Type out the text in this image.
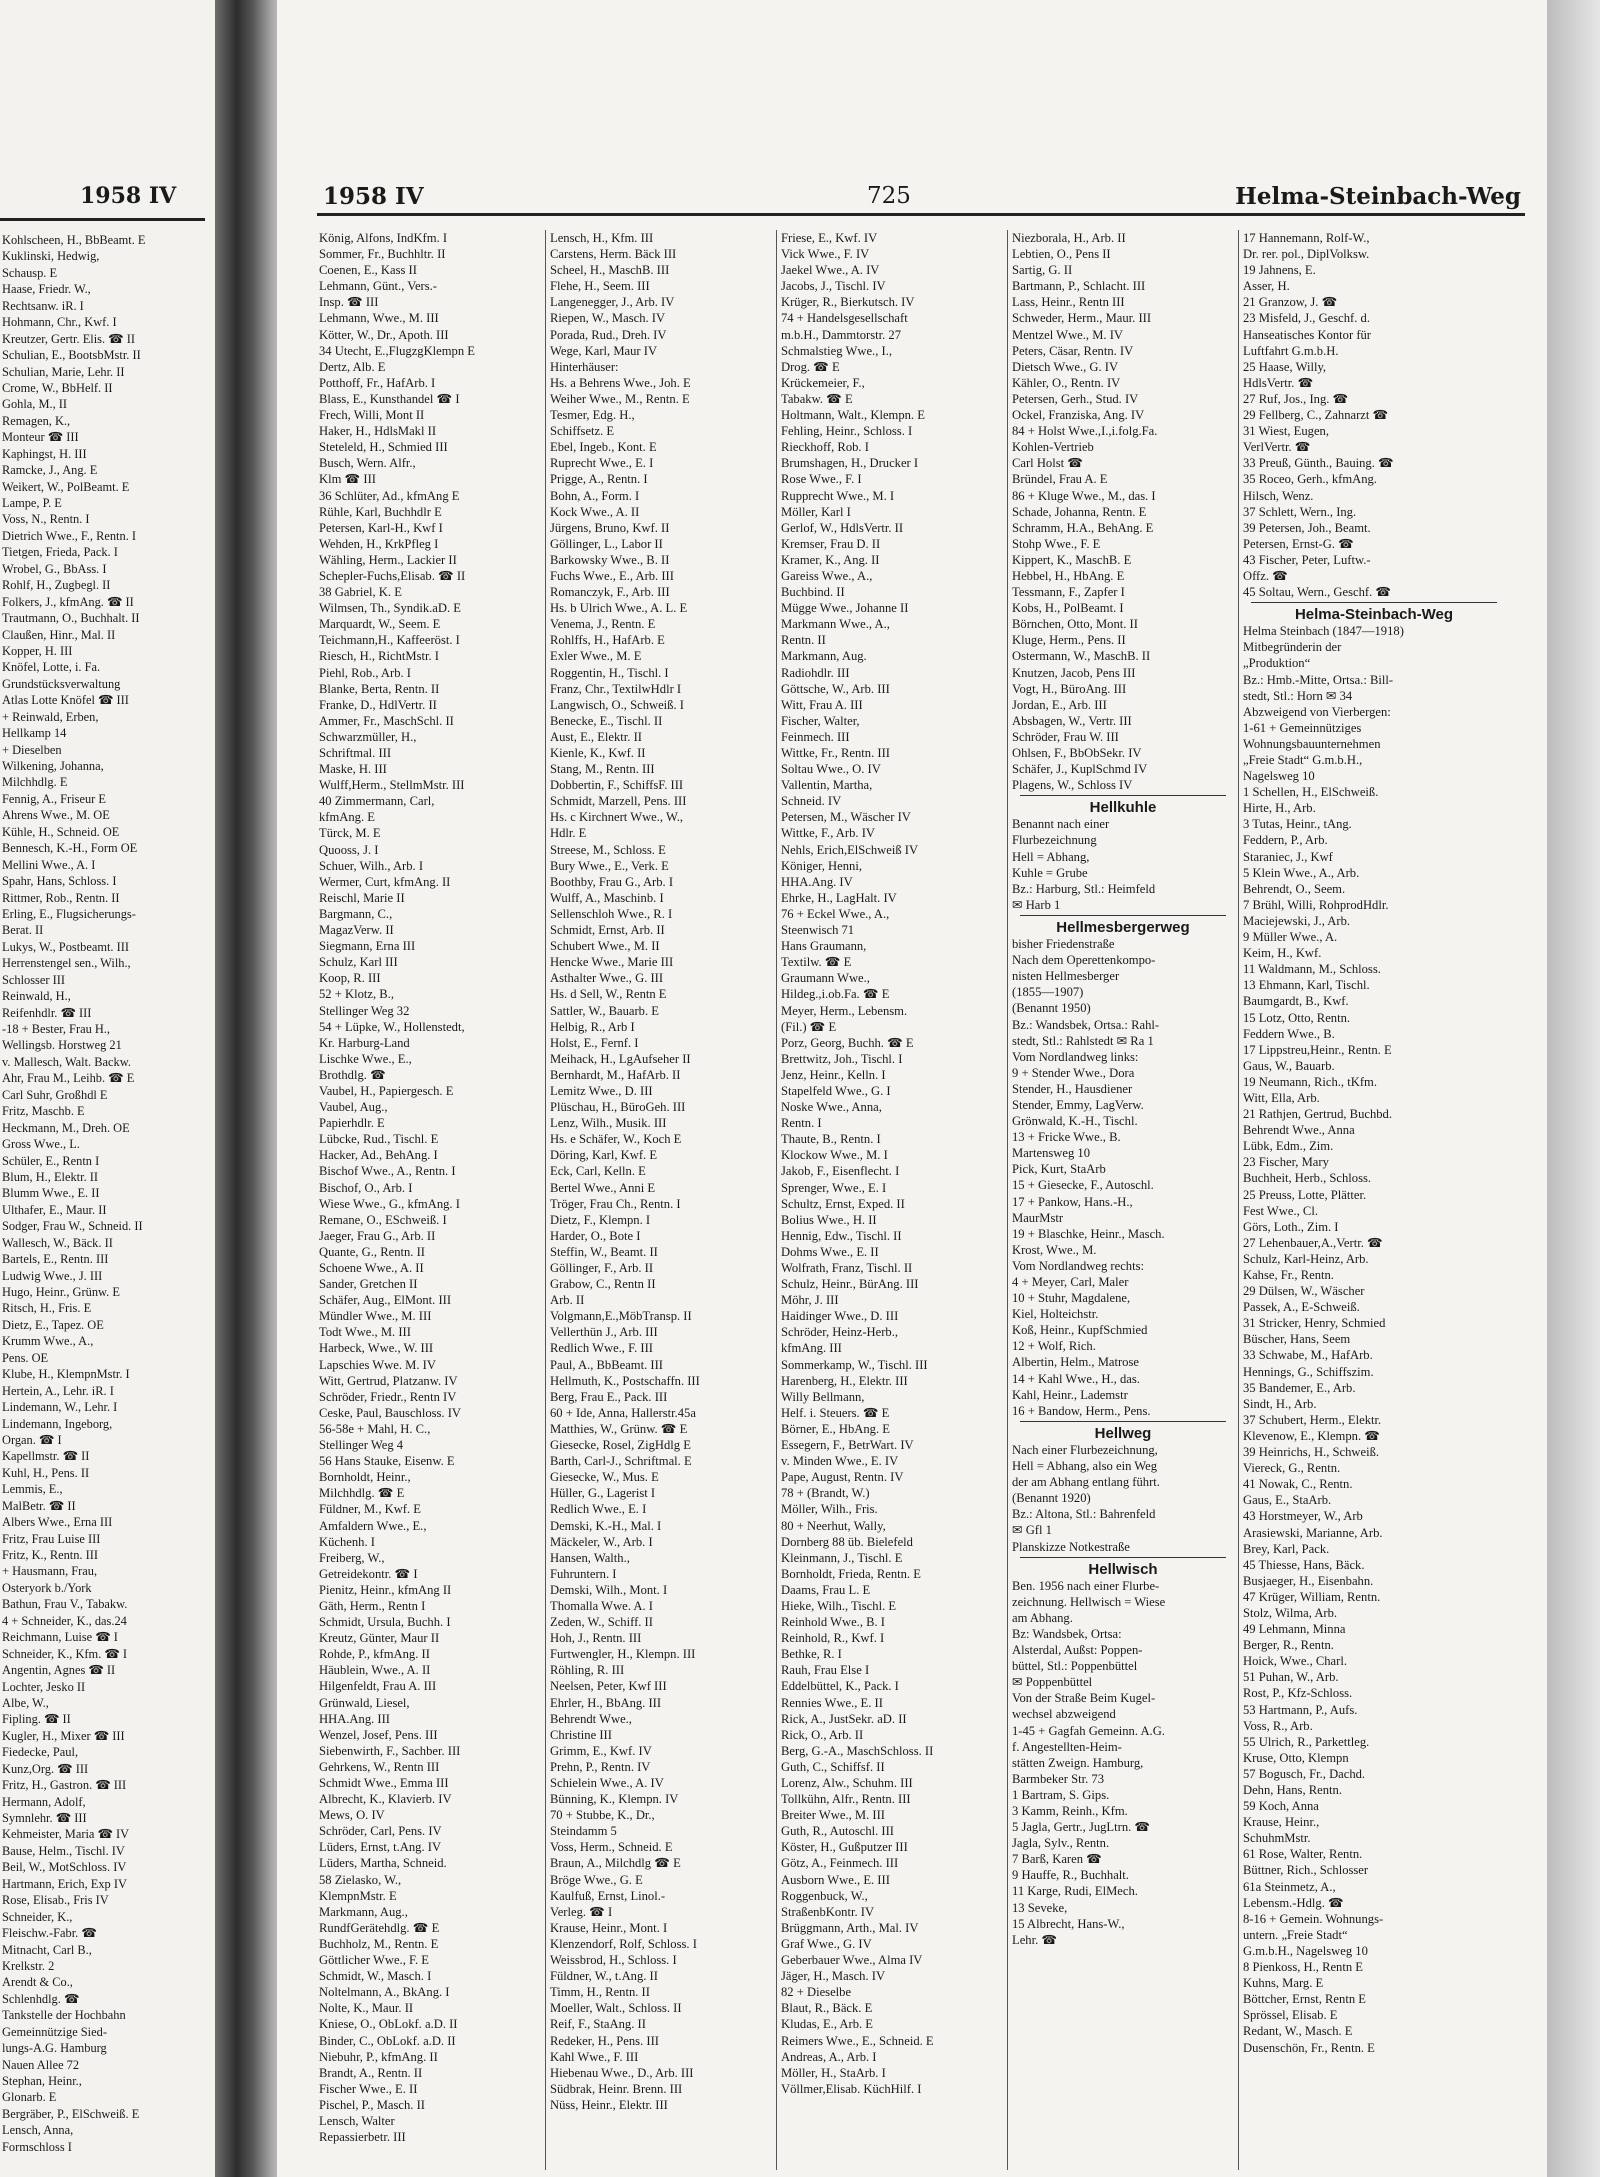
1958 IV
Kohlscheen, H., BbBeamt. E
Kuklinski, Hedwig,
Schausp. E
Haase, Friedr. W.,
Rechtsanw. iR. I
Hohmann, Chr., Kwf. I
Kreutzer, Gertr. Elis. ☎ II
Schulian, E., BootsbMstr. II
Schulian, Marie, Lehr. II
Crome, W., BbHelf. II
Gohla, M., II
Remagen, K.,
Monteur ☎ III
Kaphingst, H. III
Ramcke, J., Ang. E
Weikert, W., PolBeamt. E
Lampe, P. E
Voss, N., Rentn. I
Dietrich Wwe., F., Rentn. I
Tietgen, Frieda, Pack. I
Wrobel, G., BbAss. I
Rohlf, H., Zugbegl. II
Folkers, J., kfmAng. ☎ II
Trautmann, O., Buchhalt. II
Claußen, Hinr., Mal. II
Kopper, H. III
Knöfel, Lotte, i. Fa.
Grundstücksverwaltung
Atlas Lotte Knöfel ☎ III
+ Reinwald, Erben,
Hellkamp 14
+ Dieselben
Wilkening, Johanna,
Milchhdlg. E
Fennig, A., Friseur E
Ahrens Wwe., M. OE
Kühle, H., Schneid. OE
Bennesch, K.-H., Form OE
Mellini Wwe., A. I
Spahr, Hans, Schloss. I
Rittmer, Rob., Rentn. II
Erling, E., Flugsicherungs-
Berat. II
Lukys, W., Postbeamt. III
Herrenstengel sen., Wilh.,
Schlosser III
Reinwald, H.,
Reifenhdlr. ☎ III
-18 + Bester, Frau H.,
Wellingsb. Horstweg 21
v. Mallesch, Walt. Backw.
Ahr, Frau M., Leihb. ☎ E
Carl Suhr, Großhdl E
Fritz, Maschb. E
Heckmann, M., Dreh. OE
Gross Wwe., L.
Schüler, E., Rentn I
Blum, H., Elektr. II
Blumm Wwe., E. II
Ulthafer, E., Maur. II
Sodger, Frau W., Schneid. II
Wallesch, W., Bäck. II
Bartels, E., Rentn. III
Ludwig Wwe., J. III
Hugo, Heinr., Grünw. E
Ritsch, H., Fris. E
Dietz, E., Tapez. OE
Krumm Wwe., A.,
Pens. OE
Klube, H., KlempnMstr. I
Hertein, A., Lehr. iR. I
Lindemann, W., Lehr. I
Lindemann, Ingeborg,
Organ. ☎ I
Kapellmstr. ☎ II
Kuhl, H., Pens. II
Lemmis, E.,
MalBetr. ☎ II
Albers Wwe., Erna III
Fritz, Frau Luise III
Fritz, K., Rentn. III
+ Hausmann, Frau,
Osteryork b./York
Bathun, Frau V., Tabakw.
4 + Schneider, K., das.24
Reichmann, Luise ☎ I
Schneider, K., Kfm. ☎ I
Angentin, Agnes ☎ II
Lochter, Jesko II
Albe, W.,
Fipling. ☎ II
Kugler, H., Mixer ☎ III
Fiedecke, Paul,
Kunz,Org. ☎ III
Fritz, H., Gastron. ☎ III
Hermann, Adolf,
Symnlehr. ☎ III
Kehmeister, Maria ☎ IV
Bause, Helm., Tischl. IV
Beil, W., MotSchloss. IV
Hartmann, Erich, Exp IV
Rose, Elisab., Fris IV
Schneider, K.,
Fleischw.-Fabr. ☎
Mitnacht, Carl B.,
Krelkstr. 2
Arendt & Co.,
Schlenhdlg. ☎
Tankstelle der Hochbahn
Gemeinnützige Sied-
lungs-A.G. Hamburg
Nauen Allee 72
Stephan, Heinr.,
Glonarb. E
Bergräber, P., ElSchweiß. E
Lensch, Anna,
Formschloss I
1958 IV	725	Helma-Steinbach-Weg
König, Alfons, IndKfm. I
Sommer, Fr., Buchhltr. II
Coenen, E., Kass II
Lehmann, Günt., Vers.-
Insp. ☎ III
Lehmann, Wwe., M. III
Kötter, W., Dr., Apoth. III
34 Utecht, E.,FlugzgKlempn E
Dertz, Alb. E
Potthoff, Fr., HafArb. I
Blass, E., Kunsthandel ☎ I
Frech, Willi, Mont II
Haker, H., HdlsMakl II
Steteleld, H., Schmied III
Busch, Wern. Alfr.,
Klm ☎ III
36 Schlüter, Ad., kfmAng E
Rühle, Karl, Buchhdlr E
Petersen, Karl-H., Kwf I
Wehden, H., KrkPfleg I
Wähling, Herm., Lackier II
Schepler-Fuchs,Elisab. ☎ II
38 Gabriel, K. E
Wilmsen, Th., Syndik.aD. E
Marquardt, W., Seem. E
Teichmann,H., Kaffeeröst. I
Riesch, H., RichtMstr. I
Piehl, Rob., Arb. I
Blanke, Berta, Rentn. II
Franke, D., HdlVertr. II
Ammer, Fr., MaschSchl. II
Schwarzmüller, H.,
Schriftmal. III
Maske, H. III
Wulff,Herm., StellmMstr. III
40 Zimmermann, Carl,
kfmAng. E
Türck, M. E
Quooss, J. I
Schuer, Wilh., Arb. I
Wermer, Curt, kfmAng. II
Reischl, Marie II
Bargmann, C.,
MagazVerw. II
Siegmann, Erna III
Schulz, Karl III
Koop, R. III
52 + Klotz, B.,
Stellinger Weg 32
54 + Lüpke, W., Hollenstedt,
Kr. Harburg-Land
Lischke Wwe., E.,
Brothdlg. ☎
Vaubel, H., Papiergesch. E
Vaubel, Aug.,
Papierhdlr. E
Lübcke, Rud., Tischl. E
Hacker, Ad., BehAng. I
Bischof Wwe., A., Rentn. I
Bischof, O., Arb. I
Wiese Wwe., G., kfmAng. I
Remane, O., ESchweiß. I
Jaeger, Frau G., Arb. II
Quante, G., Rentn. II
Schoene Wwe., A. II
Sander, Gretchen II
Schäfer, Aug., ElMont. III
Mündler Wwe., M. III
Todt Wwe., M. III
Harbeck, Wwe., W. III
Lapschies Wwe. M. IV
Witt, Gertrud, Platzanw. IV
Schröder, Friedr., Rentn IV
Ceske, Paul, Bauschloss. IV
56-58e + Mahl, H. C.,
Stellinger Weg 4
56 Hans Stauke, Eisenw. E
Bornholdt, Heinr.,
Milchhdlg. ☎ E
Füldner, M., Kwf. E
Amfaldern Wwe., E.,
Küchenh. I
Freiberg, W.,
Getreidekontr. ☎ I
Pienitz, Heinr., kfmAng II
Gäth, Herm., Rentn I
Schmidt, Ursula, Buchh. I
Kreutz, Günter, Maur II
Rohde, P., kfmAng. II
Häublein, Wwe., A. II
Hilgenfeldt, Frau A. III
Grünwald, Liesel,
HHA.Ang. III
Wenzel, Josef, Pens. III
Siebenwirth, F., Sachber. III
Gehrkens, W., Rentn III
Schmidt Wwe., Emma III
Albrecht, K., Klavierb. IV
Mews, O. IV
Schröder, Carl, Pens. IV
Lüders, Ernst, t.Ang. IV
Lüders, Martha, Schneid.
58 Zielasko, W.,
KlempnMstr. E
Markmann, Aug.,
RundfGerätehdlg. ☎ E
Buchholz, M., Rentn. E
Göttlicher Wwe., F. E
Schmidt, W., Masch. I
Noltelmann, A., BkAng. I
Nolte, K., Maur. II
Kniese, O., ObLokf. a.D. II
Binder, C., ObLokf. a.D. II
Niebuhr, P., kfmAng. II
Brandt, A., Rentn. II
Fischer Wwe., E. II
Pischel, P., Masch. II
Lensch, Walter
Repassierbetr. III
Lensch, H., Kfm. III
Carstens, Herm. Bäck III
Scheel, H., MaschB. III
Flehe, H., Seem. III
Langenegger, J., Arb. IV
Riepen, W., Masch. IV
Porada, Rud., Dreh. IV
Wege, Karl, Maur IV
Hinterhäuser:
Hs. a Behrens Wwe., Joh. E
Weiher Wwe., M., Rentn. E
Tesmer, Edg. H.,
Schiffsetz. E
Ebel, Ingeb., Kont. E
Ruprecht Wwe., E. I
Prigge, A., Rentn. I
Bohn, A., Form. I
Kock Wwe., A. II
Jürgens, Bruno, Kwf. II
Göllinger, L., Labor II
Barkowsky Wwe., B. II
Fuchs Wwe., E., Arb. III
Romanczyk, F., Arb. III
Hs. b Ulrich Wwe., A. L. E
Venema, J., Rentn. E
Rohlffs, H., HafArb. E
Exler Wwe., M. E
Roggentin, H., Tischl. I
Franz, Chr., TextilwHdlr I
Langwisch, O., Schweiß. I
Benecke, E., Tischl. II
Aust, E., Elektr. II
Kienle, K., Kwf. II
Stang, M., Rentn. III
Dobbertin, F., SchiffsF. III
Schmidt, Marzell, Pens. III
Hs. c Kirchnert Wwe., W.,
Hdlr. E
Streese, M., Schloss. E
Bury Wwe., E., Verk. E
Boothby, Frau G., Arb. I
Wulff, A., Maschinb. I
Sellenschloh Wwe., R. I
Schmidt, Ernst, Arb. II
Schubert Wwe., M. II
Hencke Wwe., Marie III
Asthalter Wwe., G. III
Hs. d Sell, W., Rentn E
Sattler, W., Bauarb. E
Helbig, R., Arb I
Holst, E., Fernf. I
Meihack, H., LgAufseher II
Bernhardt, M., HafArb. II
Lemitz Wwe., D. III
Plüschau, H., BüroGeh. III
Lenz, Wilh., Musik. III
Hs. e Schäfer, W., Koch E
Döring, Karl, Kwf. E
Eck, Carl, Kelln. E
Bertel Wwe., Anni E
Tröger, Frau Ch., Rentn. I
Dietz, F., Klempn. I
Harder, O., Bote I
Steffin, W., Beamt. II
Göllinger, F., Arb. II
Grabow, C., Rentn II
Arb. II
Volgmann,E.,MöbTransp. II
Vellerthün J., Arb. III
Redlich Wwe., F. III
Paul, A., BbBeamt. III
Hellmuth, K., Postschaffn. III
Berg, Frau E., Pack. III
60 + Ide, Anna, Hallerstr.45a
Matthies, W., Grünw. ☎ E
Giesecke, Rosel, ZigHdlg E
Barth, Carl-J., Schriftmal. E
Giesecke, W., Mus. E
Hüller, G., Lagerist I
Redlich Wwe., E. I
Demski, K.-H., Mal. I
Mäckeler, W., Arb. I
Hansen, Walth.,
Fuhruntern. I
Demski, Wilh., Mont. I
Thomalla Wwe. A. I
Zeden, W., Schiff. II
Hoh, J., Rentn. III
Furtwengler, H., Klempn. III
Röhling, R. III
Neelsen, Peter, Kwf III
Ehrler, H., BbAng. III
Behrendt Wwe.,
Christine III
Grimm, E., Kwf. IV
Prehn, P., Rentn. IV
Schielein Wwe., A. IV
Bünning, K., Klempn. IV
70 + Stubbe, K., Dr.,
Steindamm 5
Voss, Herm., Schneid. E
Braun, A., Milchdlg ☎ E
Bröge Wwe., G. E
Kaulfuß, Ernst, Linol.-
Verleg. ☎ I
Krause, Heinr., Mont. I
Klenzendorf, Rolf, Schloss. I
Weissbrod, H., Schloss. I
Füldner, W., t.Ang. II
Timm, H., Rentn. II
Moeller, Walt., Schloss. II
Reif, F., StaAng. II
Redeker, H., Pens. III
Kahl Wwe., F. III
Hiebenau Wwe., D., Arb. III
Südbrak, Heinr. Brenn. III
Nüss, Heinr., Elektr. III
Friese, E., Kwf. IV
Vick Wwe., F. IV
Jaekel Wwe., A. IV
Jacobs, J., Tischl. IV
Krüger, R., Bierkutsch. IV
74 + Handelsgesellschaft
m.b.H., Dammtorstr. 27
Schmalstieg Wwe., I.,
Drog. ☎ E
Krückemeier, F.,
Tabakw. ☎ E
Holtmann, Walt., Klempn. E
Fehling, Heinr., Schloss. I
Rieckhoff, Rob. I
Brumshagen, H., Drucker I
Rose Wwe., F. I
Rupprecht Wwe., M. I
Möller, Karl I
Gerlof, W., HdlsVertr. II
Kremser, Frau D. II
Kramer, K., Ang. II
Gareiss Wwe., A.,
Buchbind. II
Mügge Wwe., Johanne II
Markmann Wwe., A.,
Rentn. II
Markmann, Aug.
Radiohdlr. III
Göttsche, W., Arb. III
Witt, Frau A. III
Fischer, Walter,
Feinmech. III
Wittke, Fr., Rentn. III
Soltau Wwe., O. IV
Vallentin, Martha,
Schneid. IV
Petersen, M., Wäscher IV
Wittke, F., Arb. IV
Nehls, Erich,ElSchweiß IV
Königer, Henni,
HHA.Ang. IV
Ehrke, H., LagHalt. IV
76 + Eckel Wwe., A.,
Steenwisch 71
Hans Graumann,
Textilw. ☎ E
Graumann Wwe.,
Hildeg.,i.ob.Fa. ☎ E
Meyer, Herm., Lebensm.
(Fil.) ☎ E
Porz, Georg, Buchh. ☎ E
Brettwitz, Joh., Tischl. I
Jenz, Heinr., Kelln. I
Stapelfeld Wwe., G. I
Noske Wwe., Anna,
Rentn. I
Thaute, B., Rentn. I
Klockow Wwe., M. I
Jakob, F., Eisenflecht. I
Sprenger, Wwe., E. I
Schultz, Ernst, Exped. II
Bolius Wwe., H. II
Hennig, Edw., Tischl. II
Dohms Wwe., E. II
Wolfrath, Franz, Tischl. II
Schulz, Heinr., BürAng. III
Möhr, J. III
Haidinger Wwe., D. III
Schröder, Heinz-Herb.,
kfmAng. III
Sommerkamp, W., Tischl. III
Harenberg, H., Elektr. III
Willy Bellmann,
Helf. i. Steuers. ☎ E
Börner, E., HbAng. E
Essegern, F., BetrWart. IV
v. Minden Wwe., E. IV
Pape, August, Rentn. IV
78 + (Brandt, W.)
Möller, Wilh., Fris.
80 + Neerhut, Wally,
Dornberg 88 üb. Bielefeld
Kleinmann, J., Tischl. E
Bornholdt, Frieda, Rentn. E
Daams, Frau L. E
Hieke, Wilh., Tischl. E
Reinhold Wwe., B. I
Reinhold, R., Kwf. I
Bethke, R. I
Rauh, Frau Else I
Eddelbüttel, K., Pack. I
Rennies Wwe., E. II
Rick, A., JustSekr. aD. II
Rick, O., Arb. II
Berg, G.-A., MaschSchloss. II
Guth, C., Schiffsf. II
Lorenz, Alw., Schuhm. III
Tollkühn, Alfr., Rentn. III
Breiter Wwe., M. III
Guth, R., Autoschl. III
Köster, H., Gußputzer III
Götz, A., Feinmech. III
Ausborn Wwe., E. III
Roggenbuck, W.,
StraßenbKontr. IV
Brüggmann, Arth., Mal. IV
Graf Wwe., G. IV
Geberbauer Wwe., Alma IV
Jäger, H., Masch. IV
82 + Dieselbe
Blaut, R., Bäck. E
Kludas, E., Arb. E
Reimers Wwe., E., Schneid. E
Andreas, A., Arb. I
Möller, H., StaArb. I
Völlmer,Elisab. KüchHilf. I
Niezborala, H., Arb. II
Lebtien, O., Pens II
Sartig, G. II
Bartmann, P., Schlacht. III
Lass, Heinr., Rentn III
Schweder, Herm., Maur. III
Mentzel Wwe., M. IV
Peters, Cäsar, Rentn. IV
Dietsch Wwe., G. IV
Kähler, O., Rentn. IV
Petersen, Gerh., Stud. IV
Ockel, Franziska, Ang. IV
84 + Holst Wwe.,I.,i.folg.Fa.
Kohlen-Vertrieb
Carl Holst ☎
Bründel, Frau A. E
86 + Kluge Wwe., M., das. I
Schade, Johanna, Rentn. E
Schramm, H.A., BehAng. E
Stohp Wwe., F. E
Kippert, K., MaschB. E
Hebbel, H., HbAng. E
Tessmann, F., Zapfer I
Kobs, H., PolBeamt. I
Börnchen, Otto, Mont. II
Kluge, Herm., Pens. II
Ostermann, W., MaschB. II
Knutzen, Jacob, Pens III
Vogt, H., BüroAng. III
Jordan, E., Arb. III
Absbagen, W., Vertr. III
Schröder, Frau W. III
Ohlsen, F., BbObSekr. IV
Schäfer, J., KuplSchmd IV
Plagens, W., Schloss IV
Hellkuhle
Benannt nach einer
Flurbezeichnung
Hell = Abhang,
Kuhle = Grube
Bz.: Harburg, Stl.: Heimfeld
✉ Harb 1
Hellmesbergerweg
bisher Friedenstraße
Nach dem Operettenkompo-
nisten Hellmesberger
(1855—1907)
(Benannt 1950)
Bz.: Wandsbek, Ortsa.: Rahl-
stedt, Stl.: Rahlstedt ✉ Ra 1
Vom Nordlandweg links:
9 + Stender Wwe., Dora
Stender, H., Hausdiener
Stender, Emmy, LagVerw.
Grönwald, K.-H., Tischl.
13 + Fricke Wwe., B.
Martensweg 10
Pick, Kurt, StaArb
15 + Giesecke, F., Autoschl.
17 + Pankow, Hans.-H.,
MaurMstr
19 + Blaschke, Heinr., Masch.
Krost, Wwe., M.
Vom Nordlandweg rechts:
4 + Meyer, Carl, Maler
10 + Stuhr, Magdalene,
Kiel, Holteichstr.
Koß, Heinr., KupfSchmied
12 + Wolf, Rich.
Albertin, Helm., Matrose
14 + Kahl Wwe., H., das.
Kahl, Heinr., Lademstr
16 + Bandow, Herm., Pens.
Hellweg
Nach einer Flurbezeichnung,
Hell = Abhang, also ein Weg
der am Abhang entlang führt.
(Benannt 1920)
Bz.: Altona, Stl.: Bahrenfeld
✉ Gfl 1
Planskizze Notkestraße
Hellwisch
Ben. 1956 nach einer Flurbe-
zeichnung. Hellwisch = Wiese
am Abhang.
Bz: Wandsbek, Ortsa:
Alsterdal, Außst: Poppen-
büttel, Stl.: Poppenbüttel
✉ Poppenbüttel
Von der Straße Beim Kugel-
wechsel abzweigend
1-45 + Gagfah Gemeinn. A.G.
f. Angestellten-Heim-
stätten Zweign. Hamburg,
Barmbeker Str. 73
1 Bartram, S. Gips.
3 Kamm, Reinh., Kfm.
5 Jagla, Gertr., JugLtrn. ☎
Jagla, Sylv., Rentn.
7 Barß, Karen ☎
9 Hauffe, R., Buchhalt.
11 Karge, Rudi, ElMech.
13 Seveke,
15 Albrecht, Hans-W.,
Lehr. ☎
17 Hannemann, Rolf-W.,
Dr. rer. pol., DiplVolksw.
19 Jahnens, E.
Asser, H.
21 Granzow, J. ☎
23 Misfeld, J., Geschf. d.
Hanseatisches Kontor für
Luftfahrt G.m.b.H.
25 Haase, Willy,
HdlsVertr. ☎
27 Ruf, Jos., Ing. ☎
29 Fellberg, C., Zahnarzt ☎
31 Wiest, Eugen,
VerlVertr. ☎
33 Preuß, Günth., Bauing. ☎
35 Roceo, Gerh., kfmAng.
Hilsch, Wenz.
37 Schlett, Wern., Ing.
39 Petersen, Joh., Beamt.
Petersen, Ernst-G. ☎
43 Fischer, Peter, Luftw.-
Offz. ☎
45 Soltau, Wern., Geschf. ☎
Helma-Steinbach-Weg
Helma Steinbach (1847—1918)
Mitbegründerin der
„Produktion“
Bz.: Hmb.-Mitte, Ortsa.: Bill-
stedt, Stl.: Horn ✉ 34
Abzweigend von Vierbergen:
1-61 + Gemeinnütziges
Wohnungsbauunternehmen
„Freie Stadt“ G.m.b.H.,
Nagelsweg 10
1 Schellen, H., ElSchweiß.
Hirte, H., Arb.
3 Tutas, Heinr., tAng.
Feddern, P., Arb.
Staraniec, J., Kwf
5 Klein Wwe., A., Arb.
Behrendt, O., Seem.
7 Brühl, Willi, RohprodHdlr.
Maciejewski, J., Arb.
9 Müller Wwe., A.
Keim, H., Kwf.
11 Waldmann, M., Schloss.
13 Ehmann, Karl, Tischl.
Baumgardt, B., Kwf.
15 Lotz, Otto, Rentn.
Feddern Wwe., B.
17 Lippstreu,Heinr., Rentn. E
Gaus, W., Bauarb.
19 Neumann, Rich., tKfm.
Witt, Ella, Arb.
21 Rathjen, Gertrud, Buchbd.
Behrendt Wwe., Anna
Lübk, Edm., Zim.
23 Fischer, Mary
Buchheit, Herb., Schloss.
25 Preuss, Lotte, Plätter.
Fest Wwe., Cl.
Görs, Loth., Zim. I
27 Lehenbauer,A.,Vertr. ☎
Schulz, Karl-Heinz, Arb.
Kahse, Fr., Rentn.
29 Dülsen, W., Wäscher
Passek, A., E-Schweiß.
31 Stricker, Henry, Schmied
Büscher, Hans, Seem
33 Schwabe, M., HafArb.
Hennings, G., Schiffszim.
35 Bandemer, E., Arb.
Sindt, H., Arb.
37 Schubert, Herm., Elektr.
Klevenow, E., Klempn. ☎
39 Heinrichs, H., Schweiß.
Viereck, G., Rentn.
41 Nowak, C., Rentn.
Gaus, E., StaArb.
43 Horstmeyer, W., Arb
Arasiewski, Marianne, Arb.
Brey, Karl, Pack.
45 Thiesse, Hans, Bäck.
Busjaeger, H., Eisenbahn.
47 Krüger, William, Rentn.
Stolz, Wilma, Arb.
49 Lehmann, Minna
Berger, R., Rentn.
Hoick, Wwe., Charl.
51 Puhan, W., Arb.
Rost, P., Kfz-Schloss.
53 Hartmann, P., Aufs.
Voss, R., Arb.
55 Ulrich, R., Parkettleg.
Kruse, Otto, Klempn
57 Bogusch, Fr., Dachd.
Dehn, Hans, Rentn.
59 Koch, Anna
Krause, Heinr.,
SchuhmMstr.
61 Rose, Walter, Rentn.
Büttner, Rich., Schlosser
61a Steinmetz, A.,
Lebensm.-Hdlg. ☎
8-16 + Gemein. Wohnungs-
untern. „Freie Stadt“
G.m.b.H., Nagelsweg 10
8 Pienkoss, H., Rentn E
Kuhns, Marg. E
Böttcher, Ernst, Rentn E
Sprössel, Elisab. E
Redant, W., Masch. E
Dusenschön, Fr., Rentn. E
